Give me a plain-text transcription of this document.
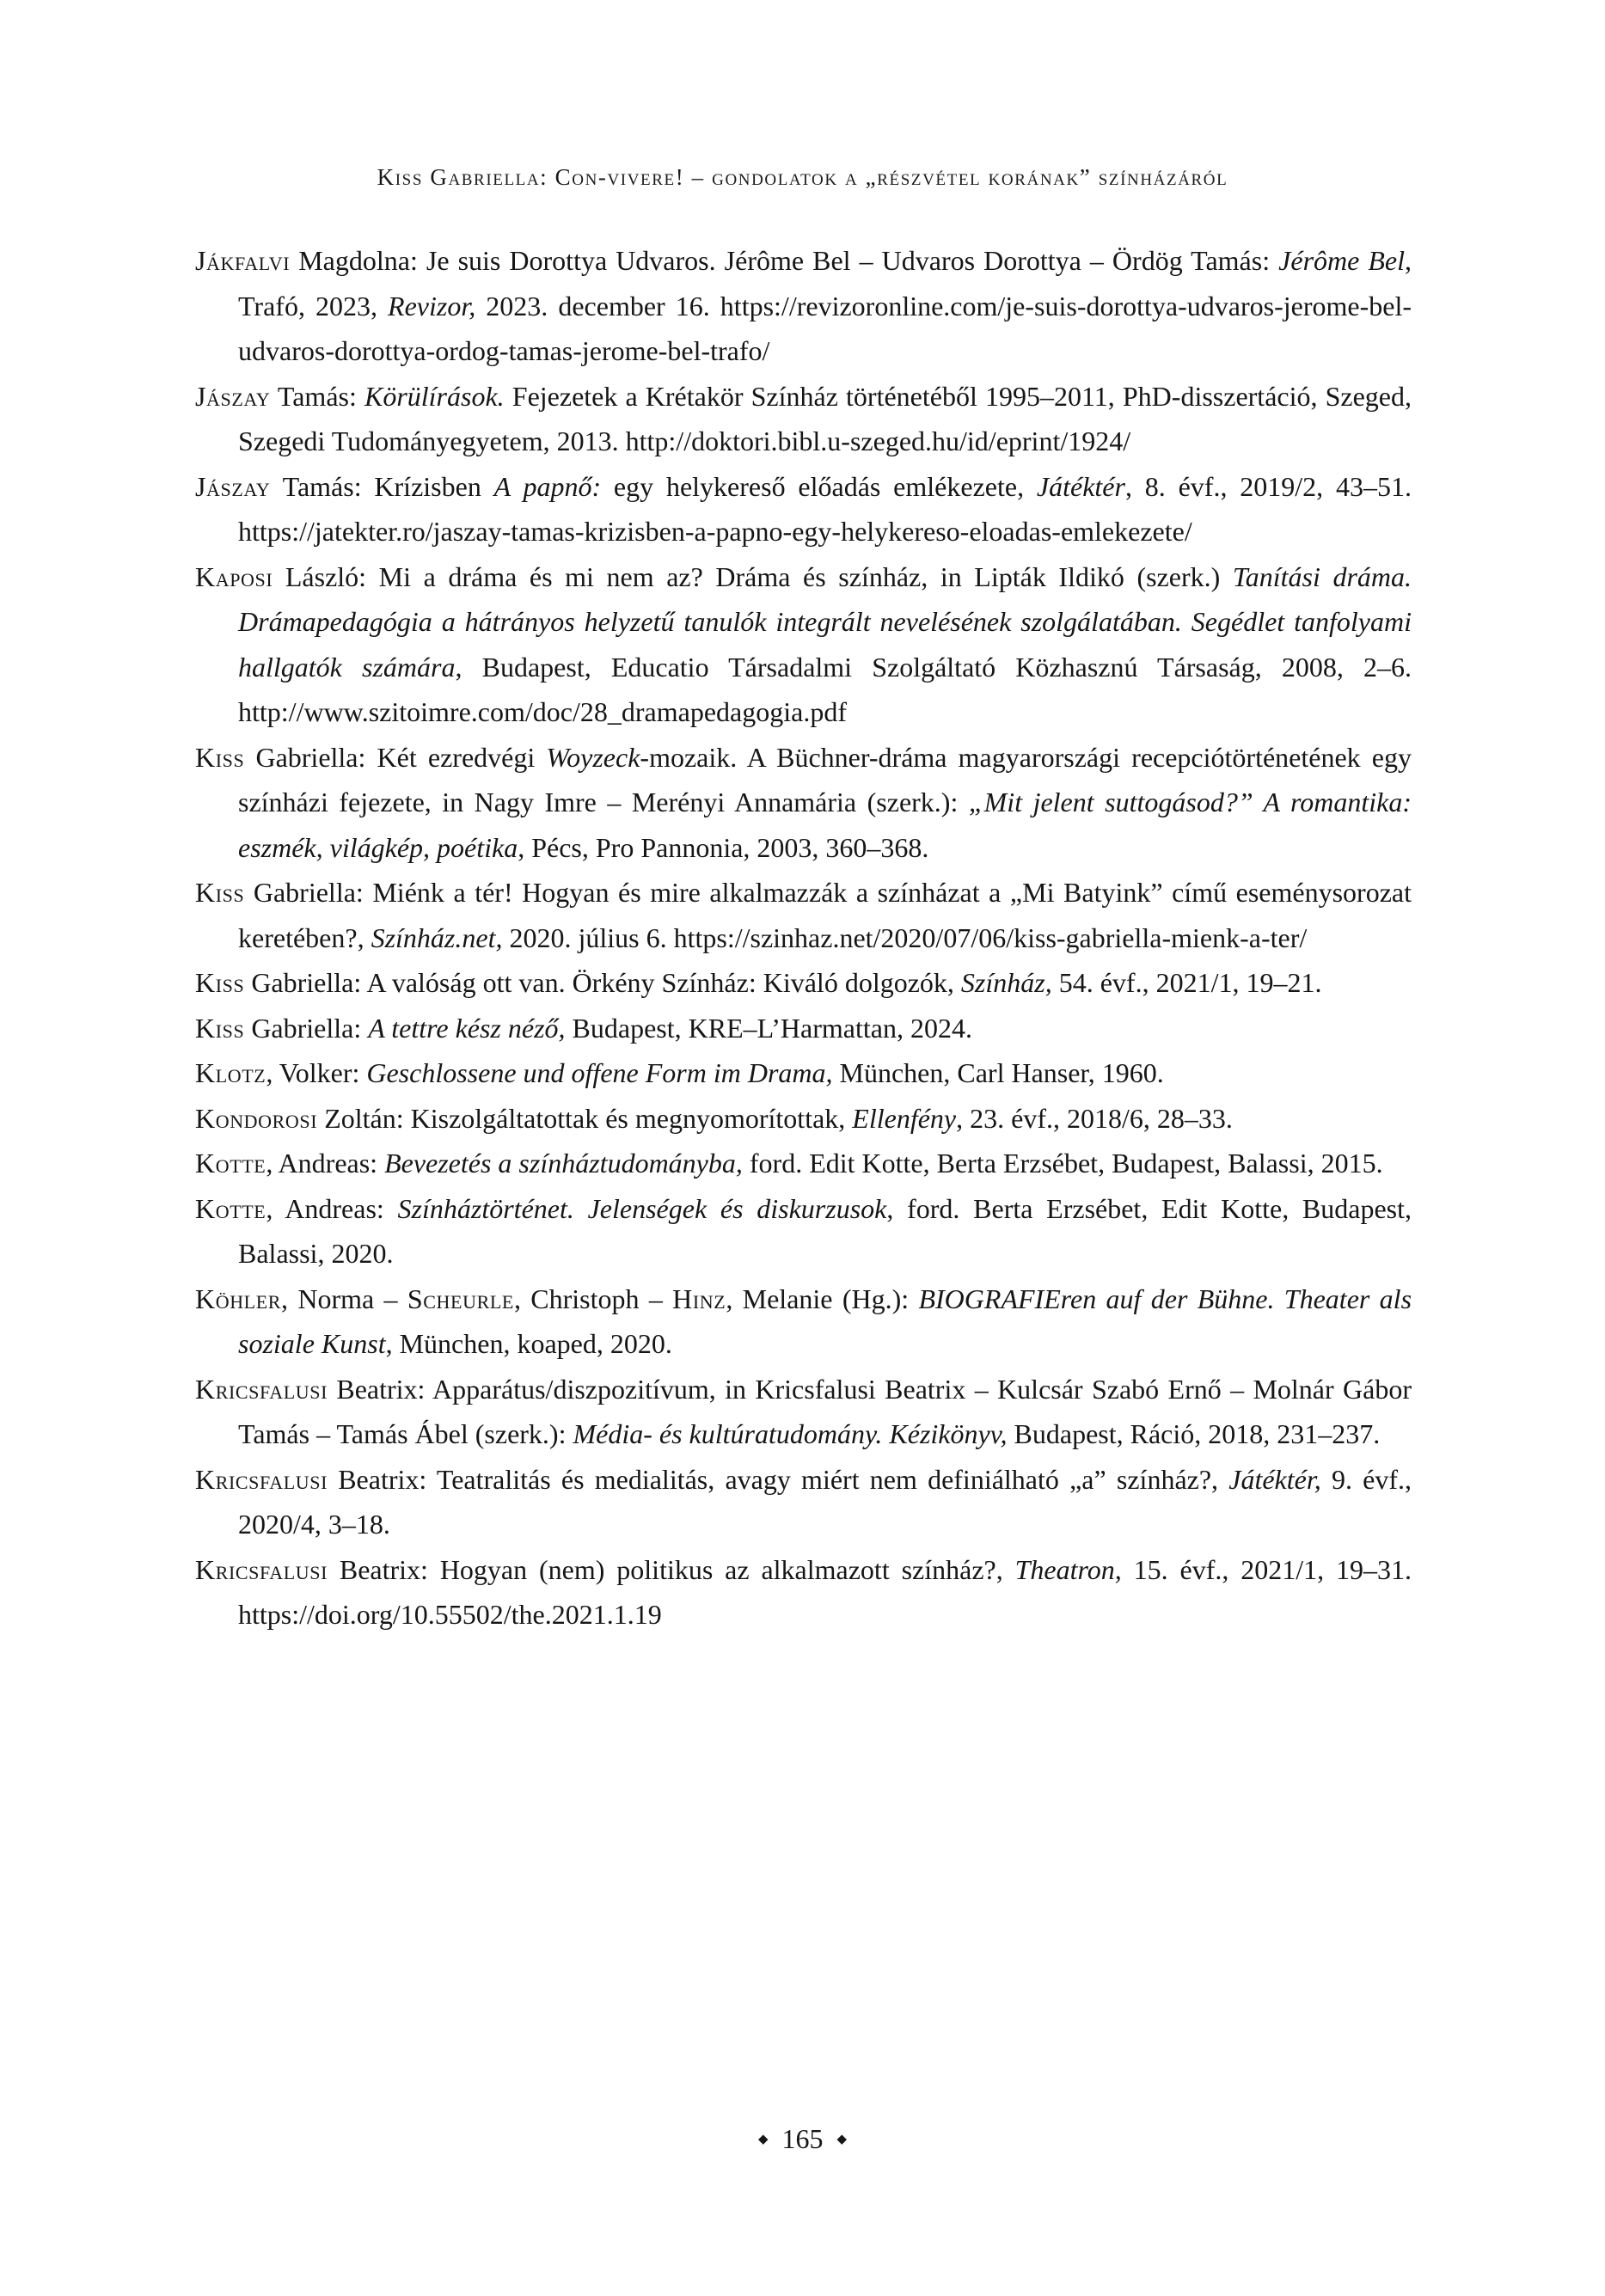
Kiss Gabriella: Con-vivere! – gondolatok a „részvétel korának” színházáról

Jákfalvi Magdolna: Je suis Dorottya Udvaros. Jérôme Bel – Udvaros Dorottya – Ördög Tamás: Jérôme Bel, Trafó, 2023, Revizor, 2023. december 16. https://revizoronline.com/je-suis-dorottya-udvaros-jerome-bel-udvaros-dorottya-ordog-tamas-jerome-bel-trafo/

Jászay Tamás: Körülírások. Fejezetek a Krétakör Színház történetéből 1995–2011, PhD-disszertáció, Szeged, Szegedi Tudományegyetem, 2013. http://doktori.bibl.u-szeged.hu/id/eprint/1924/

Jászay Tamás: Krízisben A papnő: egy helykereső előadás emlékezete, Játéktér, 8. évf., 2019/2, 43–51. https://jatekter.ro/jaszay-tamas-krizisben-a-papno-egy-helykereso-eloadas-emlekezete/

Kaposi László: Mi a dráma és mi nem az? Dráma és színház, in Lipták Ildikó (szerk.) Tanítási dráma. Drámapedagógia a hátrányos helyzetű tanulók integrált nevelésének szolgálatában. Segédlet tanfolyami hallgatók számára, Budapest, Educatio Társadalmi Szolgáltató Közhasznú Társaság, 2008, 2–6. http://www.szitoimre.com/doc/28_dramapedagogia.pdf

Kiss Gabriella: Két ezredvégi Woyzeck-mozaik. A Büchner-dráma magyarországi recepciótörténetének egy színházi fejezete, in Nagy Imre – Merényi Annamária (szerk.): „Mit jelent suttogásod?” A romantika: eszmék, világkép, poétika, Pécs, Pro Pannonia, 2003, 360–368.

Kiss Gabriella: Miénk a tér! Hogyan és mire alkalmazzák a színházat a „Mi Batyink” című eseménysorozat keretében?, Színház.net, 2020. július 6. https://szinhaz.net/2020/07/06/kiss-gabriella-mienk-a-ter/

Kiss Gabriella: A valóság ott van. Örkény Színház: Kiváló dolgozók, Színház, 54. évf., 2021/1, 19–21.

Kiss Gabriella: A tettre kész néző, Budapest, KRE–L’Harmattan, 2024.

Klotz, Volker: Geschlossene und offene Form im Drama, München, Carl Hanser, 1960.

Kondorosi Zoltán: Kiszolgáltatottak és megnyomorítottak, Ellenfény, 23. évf., 2018/6, 28–33.

Kotte, Andreas: Bevezetés a színháztudományba, ford. Edit Kotte, Berta Erzsébet, Budapest, Balassi, 2015.

Kotte, Andreas: Színháztörténet. Jelenségek és diskurzusok, ford. Berta Erzsébet, Edit Kotte, Budapest, Balassi, 2020.

Köhler, Norma – Scheurle, Christoph – Hinz, Melanie (Hg.): BIOGRAFIEren auf der Bühne. Theater als soziale Kunst, München, koaped, 2020.

Kricsfalusi Beatrix: Apparátus/diszpozitívum, in Kricsfalusi Beatrix – Kulcsár Szabó Ernő – Molnár Gábor Tamás – Tamás Ábel (szerk.): Média- és kultúratudomány. Kézikönyv, Budapest, Ráció, 2018, 231–237.

Kricsfalusi Beatrix: Teatralitás és medialitás, avagy miért nem definiálható „a” színház?, Játéktér, 9. évf., 2020/4, 3–18.

Kricsfalusi Beatrix: Hogyan (nem) politikus az alkalmazott színház?, Theatron, 15. évf., 2021/1, 19–31. https://doi.org/10.55502/the.2021.1.19

◆ 165 ◆
